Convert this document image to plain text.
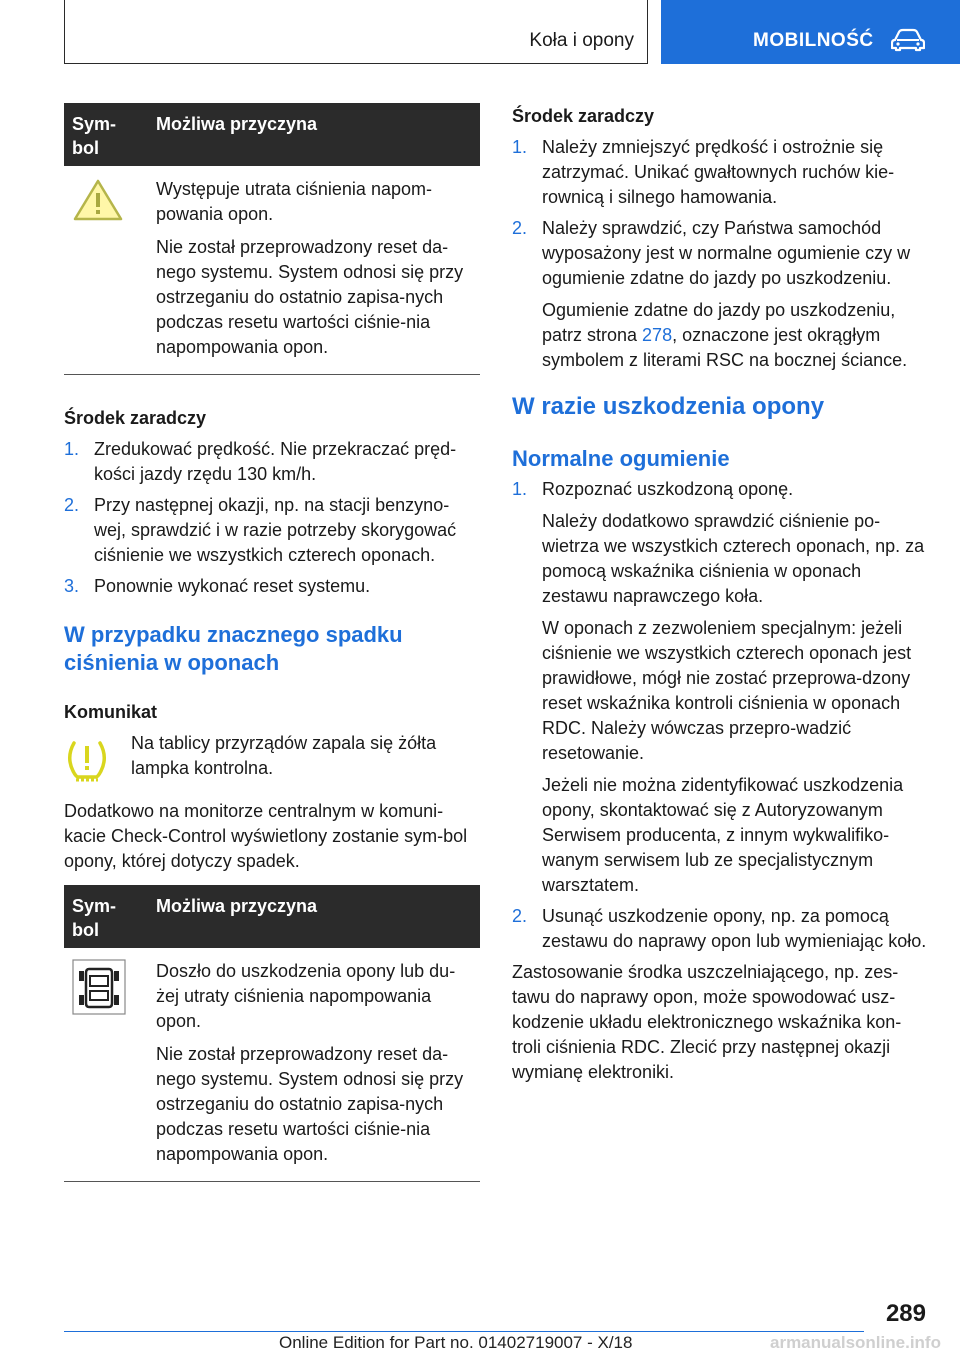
Koła i opony	MOBILNOŚĆ
Sym-
bol	Możliwa przyczyna

Występuje utrata ciśnienia napom-powania opon.

Nie został przeprowadzony reset da-nego systemu. System odnosi się przy ostrzeganiu do ostatnio zapisa-nych podczas resetu wartości ciśnie-nia napompowania opon.

Środek zaradczy

1. Zredukować prędkość. Nie przekraczać pręd-kości jazdy rzędu 130 km/h.
2. Przy następnej okazji, np. na stacji benzyno-wej, sprawdzić i w razie potrzeby skorygować ciśnienie we wszystkich czterech oponach.
3. Ponownie wykonać reset systemu.

W przypadku znacznego spadku ciśnienia w oponach

Komunikat

Na tablicy przyrządów zapala się żółta lampka kontrolna.

Dodatkowo na monitorze centralnym w komuni-kacie Check-Control wyświetlony zostanie sym-bol opony, której dotyczy spadek.

Sym-
bol	Możliwa przyczyna

Doszło do uszkodzenia opony lub du-żej utraty ciśnienia napompowania opon.

Nie został przeprowadzony reset da-nego systemu. System odnosi się przy ostrzeganiu do ostatnio zapisa-nych podczas resetu wartości ciśnie-nia napompowania opon.

Środek zaradczy

1. Należy zmniejszyć prędkość i ostrożnie się zatrzymać. Unikać gwałtownych ruchów kie-rownicą i silnego hamowania.
2. Należy sprawdzić, czy Państwa samochód wyposażony jest w normalne ogumienie czy w ogumienie zdatne do jazdy po uszkodzeniu.

Ogumienie zdatne do jazdy po uszkodzeniu, patrz strona 278, oznaczone jest okrągłym symbolem z literami RSC na bocznej ściance.

W razie uszkodzenia opony

Normalne ogumienie

1. Rozpoznać uszkodzoną oponę.

Należy dodatkowo sprawdzić ciśnienie po-wietrza we wszystkich czterech oponach, np. za pomocą wskaźnika ciśnienia w oponach zestawu naprawczego koła.

W oponach z zezwoleniem specjalnym: jeżeli ciśnienie we wszystkich czterech oponach jest prawidłowe, mógł nie zostać przeprowa-dzony reset wskaźnika kontroli ciśnienia w oponach RDC. Należy wówczas przepro-wadzić resetowanie.

Jeżeli nie można zidentyfikować uszkodzenia opony, skontaktować się z Autoryzowanym Serwisem producenta, z innym wykwalifiko-wanym serwisem lub ze specjalistycznym warsztatem.

2. Usunąć uszkodzenie opony, np. za pomocą zestawu do naprawy opon lub wymieniając koło.

Zastosowanie środka uszczelniającego, np. zes-tawu do naprawy opon, może spowodować usz-kodzenie układu elektronicznego wskaźnika kon-troli ciśnienia RDC. Zlecić przy następnej okazji wymianę elektroniki.

289
Online Edition for Part no. 01402719007 - X/18	armanualsonline.info
